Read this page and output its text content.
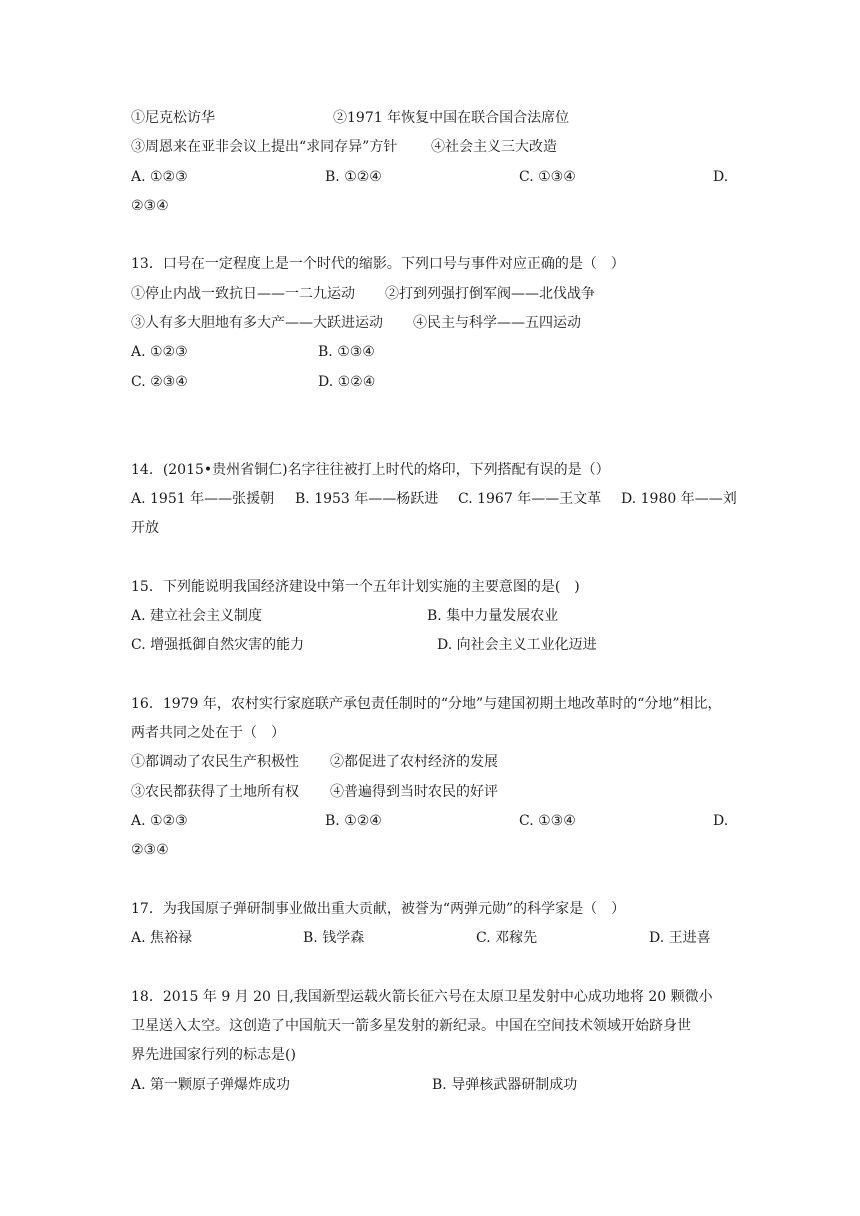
①尼克松访华	②1971 年恢复中国在联合国合法席位
③周恩来在亚非会议上提出“求同存异”方针 ④社会主义三大改造
A. ①②③	B. ①②④	C. ①③④	D.
②③④
13．口号在一定程度上是一个时代的缩影。下列口号与事件对应正确的是（　）
①停止内战一致抗日——一二九运动 ②打到列强打倒军阀——北伐战争
③人有多大胆地有多大产——大跃进运动 ④民主与科学——五四运动
A. ①②③	B. ①③④
C. ②③④	D. ①②④
14．(2015•贵州省铜仁)名字往往被打上时代的烙印，下列搭配有误的是（）
A. 1951 年——张援朝 B. 1953 年——杨跃进 C. 1967 年——王文革 D. 1980 年——刘
开放
15．下列能说明我国经济建设中第一个五年计划实施的主要意图的是(　)
A. 建立社会主义制度	B. 集中力量发展农业
C. 增强抵御自然灾害的能力	D. 向社会主义工业化迈进
16．1979 年，农村实行家庭联产承包责任制时的“分地”与建国初期土地改革时的“分地”相比，
两者共同之处在于（　）
①都调动了农民生产积极性 ②都促进了农村经济的发展
③农民都获得了土地所有权 ④普遍得到当时农民的好评
A. ①②③	B. ①②④	C. ①③④	D.
②③④
17．为我国原子弹研制事业做出重大贡献，被誉为“两弹元勋”的科学家是（　）
A. 焦裕禄	B. 钱学森	C. 邓稼先	D. 王进喜
18．2015 年 9 月 20 日,我国新型运载火箭长征六号在太原卫星发射中心成功地将 20 颗微小
卫星送入太空。这创造了中国航天一箭多星发射的新纪录。中国在空间技术领域开始跻身世
界先进国家行列的标志是()
A. 第一颗原子弹爆炸成功	B. 导弹核武器研制成功
